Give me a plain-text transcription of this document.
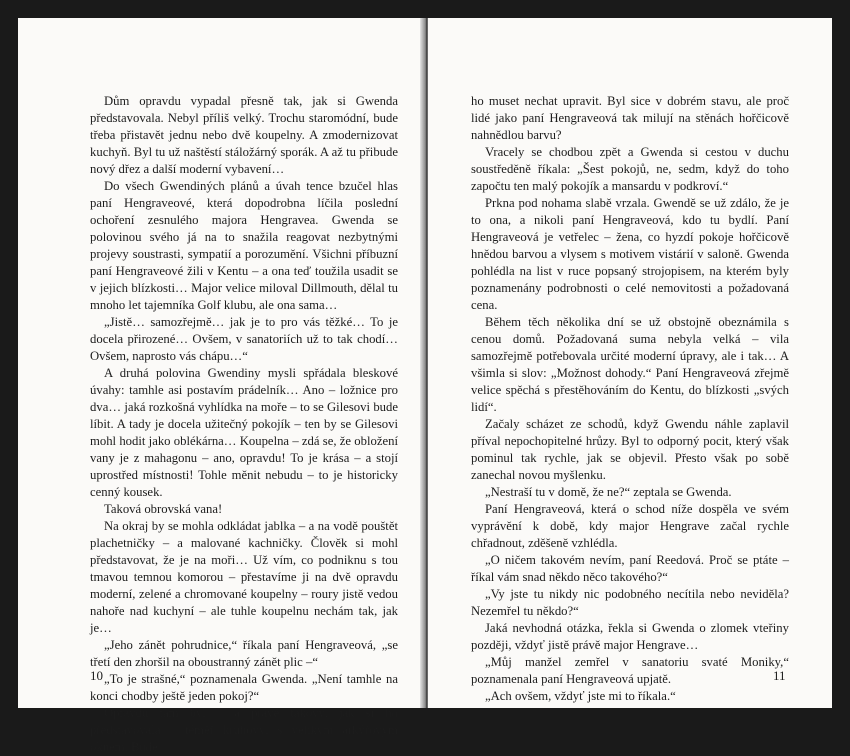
Dům opravdu vypadal přesně tak, jak si Gwenda představovala. Nebyl příliš velký. Trochu staromódní, bude třeba přistavět jednu nebo dvě koupelny. A zmodernizovat kuchyň. Byl tu už naštěstí stáložárný sporák. A až tu přibude nový dřez a další moderní vybavení…

Do všech Gwendiných plánů a úvah tence bzučel hlas paní Hengraveové, která dopodrobna líčila poslední ochoření zesnulého majora Hengravea. Gwenda se polovinou svého já na to snažila reagovat nezbytnými projevy soustrasti, sympatií a porozumění. Všichni příbuzní paní Hengraveové žili v Kentu – a ona teď toužila usadit se v jejich blízkosti… Major velice miloval Dillmouth, dělal tu mnoho let tajemníka Golf klubu, ale ona sama…

„Jistě… samozřejmě… jak je to pro vás těžké… To je docela přirozené… Ovšem, v sanatoriích už to tak chodí… Ovšem, naprosto vás chápu…“

A druhá polovina Gwendiny mysli spřádala bleskové úvahy: tamhle asi postavím prádelník… Ano – ložnice pro dva… jaká rozkošná vyhlídka na moře – to se Gilesovi bude líbit. A tady je docela užitečný pokojík – ten by se Gilesovi mohl hodit jako oblékárna… Koupelna – zdá se, že obložení vany je z mahagonu – ano, opravdu! To je krása – a stojí uprostřed místnosti! Tohle měnit nebudu – to je historicky cenný kousek.

Taková obrovská vana!

Na okraj by se mohla odkládat jablka – a na vodě pouštět plachetničky – a malované kachničky. Člověk si mohl představovat, že je na moři… Už vím, co podniknu s tou tmavou temnou komorou – přestavíme ji na dvě opravdu moderní, zelené a chromované koupelny – roury jistě vedou nahoře nad kuchyní – ale tuhle koupelnu nechám tak, jak je…

„Jeho zánět pohrudnice,“ říkala paní Hengraveová, „se třetí den zhoršil na oboustranný zánět plic –“

„To je strašné,“ poznamenala Gwenda. „Není tamhle na konci chodby ještě jeden pokoj?“

Opravdu tam byl – a právě takový, jak si ho představovala – téměř kruhový, s velikým arkýřovým oknem. Bude

10

ho muset nechat upravit. Byl sice v dobrém stavu, ale proč lidé jako paní Hengraveová tak milují na stěnách hořčicově nahnědlou barvu?

Vracely se chodbou zpět a Gwenda si cestou v duchu soustředěně říkala: „Šest pokojů, ne, sedm, když do toho započtu ten malý pokojík a mansardu v podkroví.“

Prkna pod nohama slabě vrzala. Gwendě se už zdálo, že je to ona, a nikoli paní Hengraveová, kdo tu bydlí. Paní Hengraveová je vetřelec – žena, co hyzdí pokoje hořčicově hnědou barvou a vlysem s motivem vistárií v saloně. Gwenda pohlédla na list v ruce popsaný strojopisem, na kterém byly poznamenány podrobnosti o celé nemovitosti a požadovaná cena.

Během těch několika dní se už obstojně obeznámila s cenou domů. Požadovaná suma nebyla velká – vila samozřejmě potřebovala určité moderní úpravy, ale i tak… A všimla si slov: „Možnost dohody.“ Paní Hengraveová zřejmě velice spěchá s přestěhováním do Kentu, do blízkosti „svých lidí“.

Začaly scházet ze schodů, když Gwendu náhle zaplavil příval nepochopitelné hrůzy. Byl to odporný pocit, který však pominul tak rychle, jak se objevil. Přesto však po sobě zanechal novou myšlenku.

„Nestraší tu v domě, že ne?“ zeptala se Gwenda.

Paní Hengraveová, která o schod níže dospěla ve svém vyprávění k době, kdy major Hengrave začal rychle chřadnout, zděšeně vzhlédla.

„O ničem takovém nevím, paní Reedová. Proč se ptáte – říkal vám snad někdo něco takového?“

„Vy jste tu nikdy nic podobného necítila nebo neviděla? Nezemřel tu někdo?“

Jaká nevhodná otázka, řekla si Gwenda o zlomek vteřiny později, vždyť jistě právě major Hengrave…

„Můj manžel zemřel v sanatoriu svaté Moniky,“ poznamenala paní Hengraveová upjatě.

„Ach ovšem, vždyť jste mi to říkala.“

11
